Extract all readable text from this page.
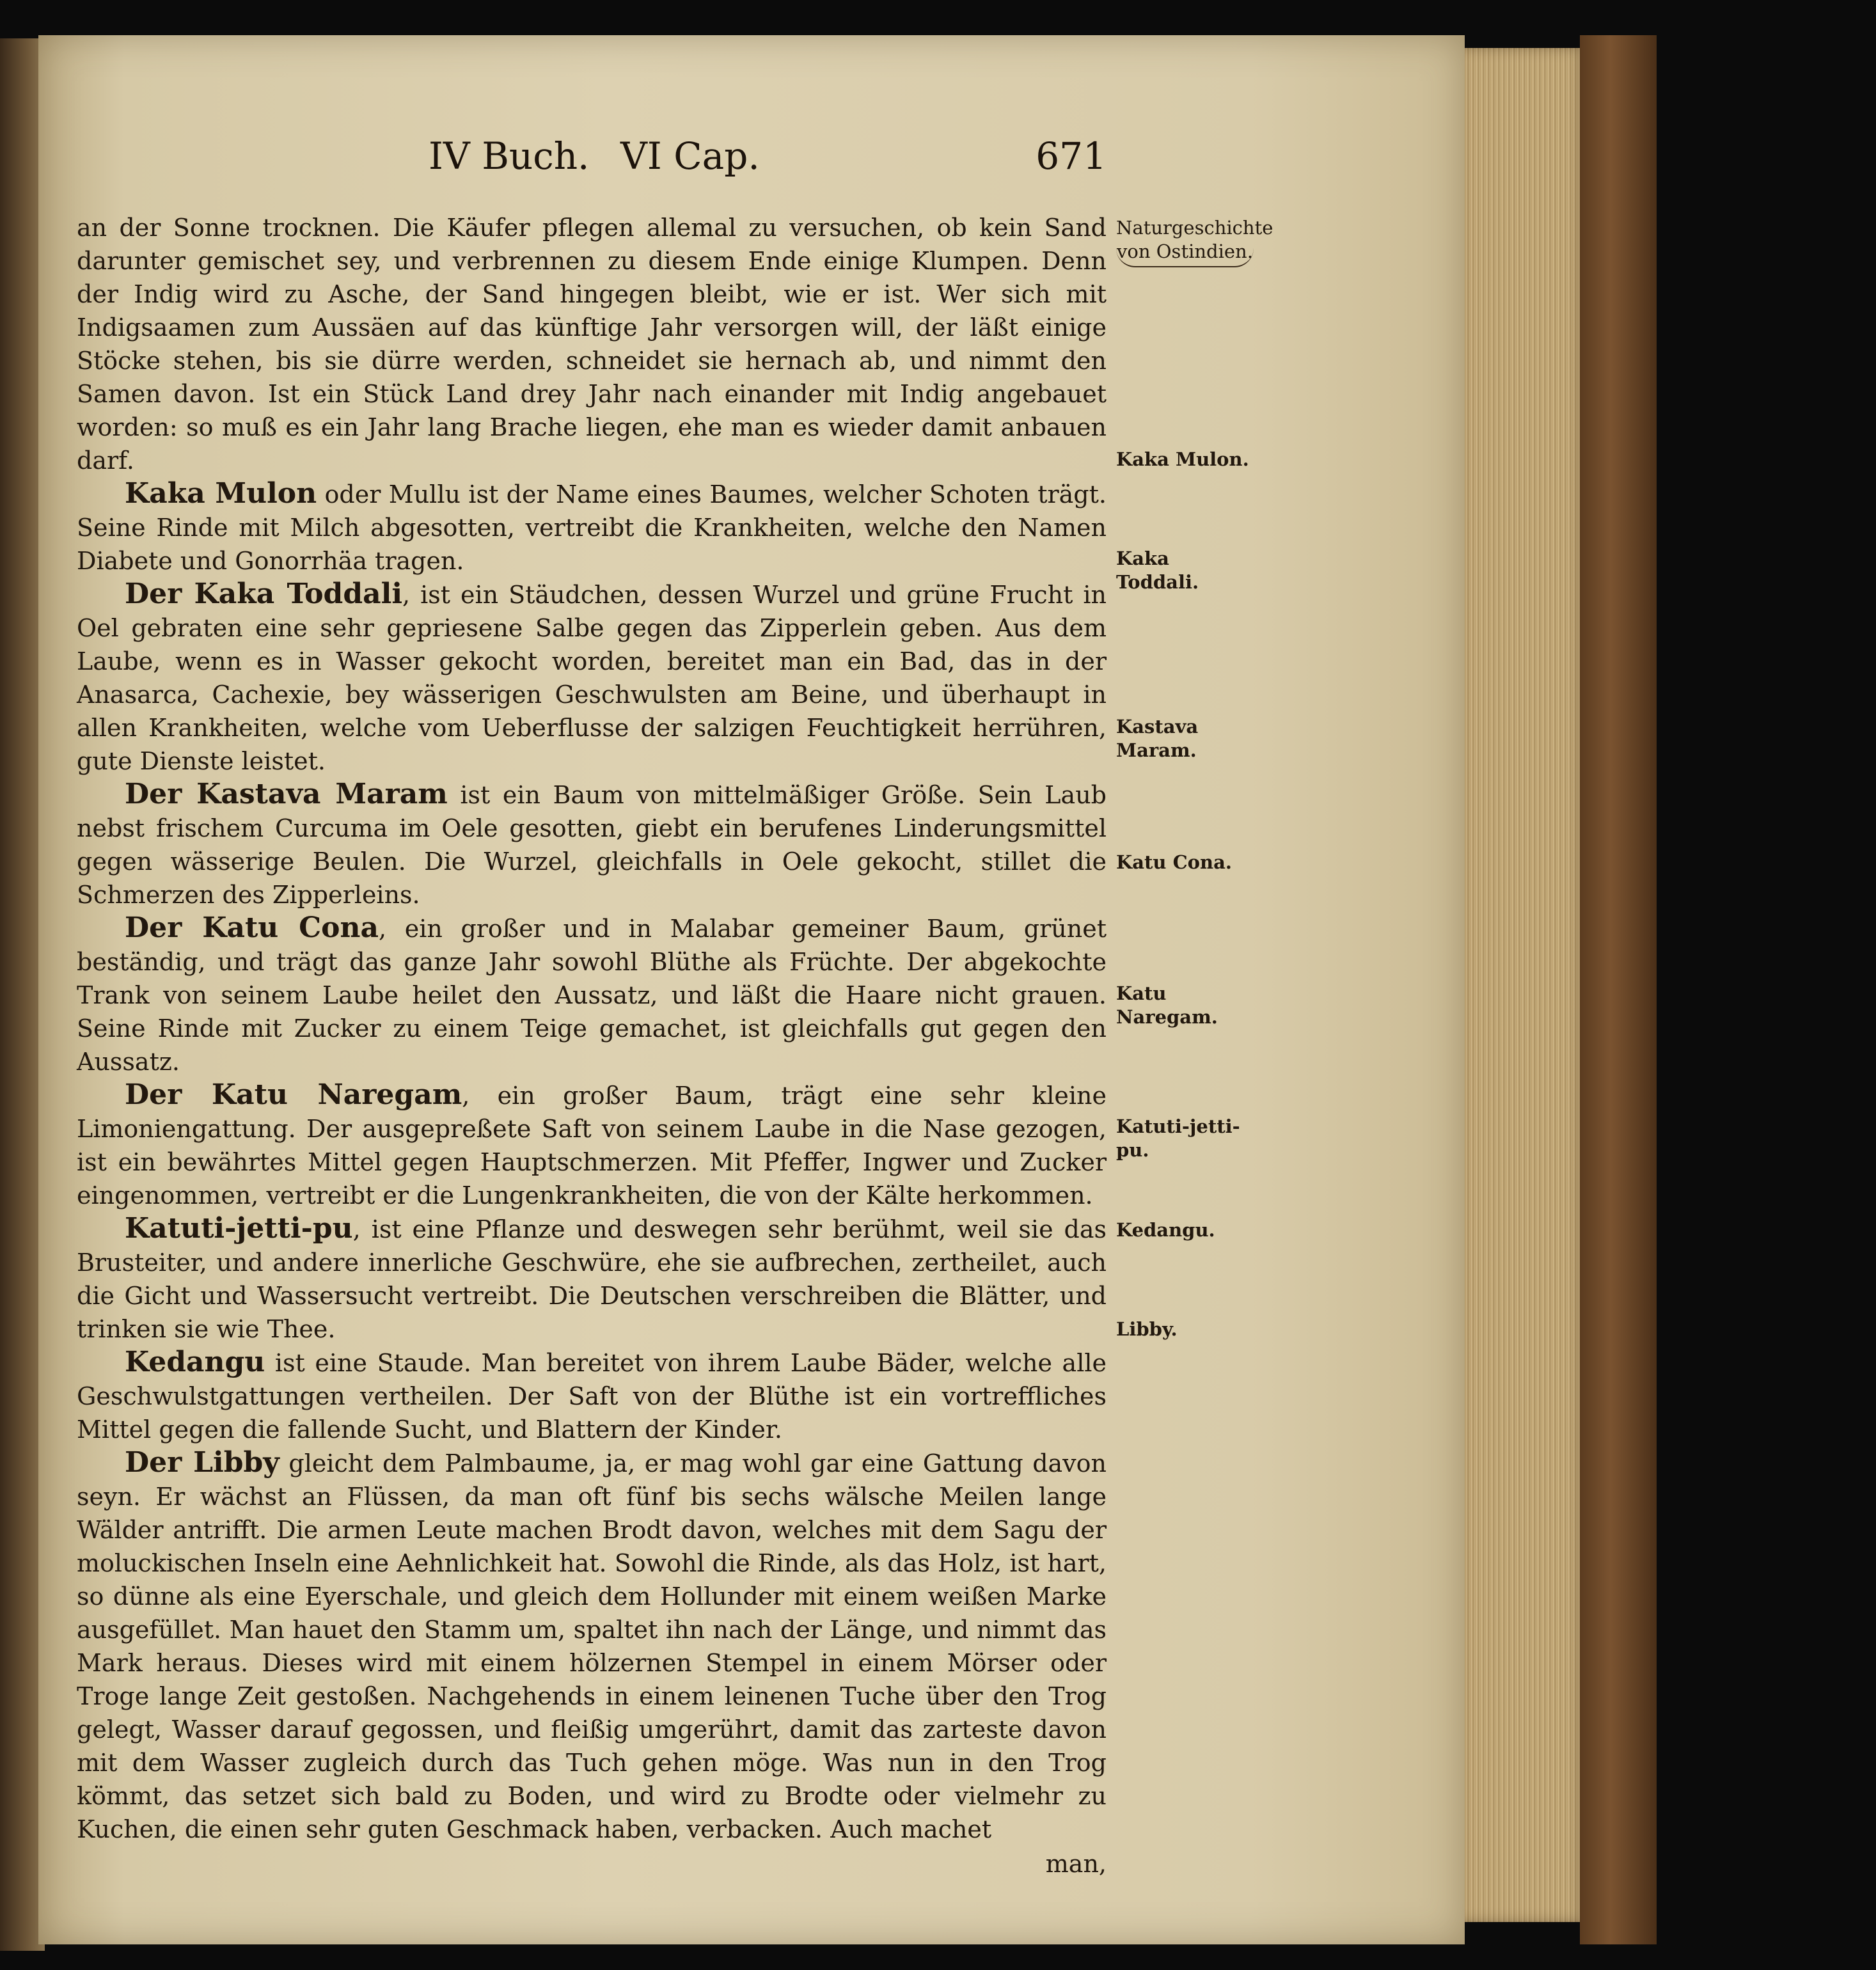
IV Buch. VI Cap.	671

an der Sonne trocknen. Die Käufer pflegen allemal zu versuchen, ob kein Sand darunter gemischet sey, und verbrennen zu diesem Ende einige Klumpen. Denn der Indig wird zu Asche, der Sand hingegen bleibt, wie er ist. Wer sich mit Indigsaamen zum Aussäen auf das künftige Jahr versorgen will, der läßt einige Stöcke stehen, bis sie dürre werden, schneidet sie hernach ab, und nimmt den Samen davon. Ist ein Stück Land drey Jahr nach einander mit Indig angebauet worden: so muß es ein Jahr lang Brache liegen, ehe man es wieder damit anbauen darf.

Kaka Mulon oder Mullu ist der Name eines Baumes, welcher Schoten trägt. Seine Rinde mit Milch abgesotten, vertreibt die Krankheiten, welche den Namen Diabete und Gonorrhäa tragen.

Der Kaka Toddali, ist ein Stäudchen, dessen Wurzel und grüne Frucht in Oel gebraten eine sehr gepriesene Salbe gegen das Zipperlein geben. Aus dem Laube, wenn es in Wasser gekocht worden, bereitet man ein Bad, das in der Anasarca, Cachexie, bey wässerigen Geschwulsten am Beine, und überhaupt in allen Krankheiten, welche vom Ueberflusse der salzigen Feuchtigkeit herrühren, gute Dienste leistet.

Der Kastava Maram ist ein Baum von mittelmäßiger Größe. Sein Laub nebst frischem Curcuma im Oele gesotten, giebt ein berufenes Linderungsmittel gegen wässerige Beulen. Die Wurzel, gleichfalls in Oele gekocht, stillet die Schmerzen des Zipperleins.

Der Katu Cona, ein großer und in Malabar gemeiner Baum, grünet beständig, und trägt das ganze Jahr sowohl Blüthe als Früchte. Der abgekochte Trank von seinem Laube heilet den Aussatz, und läßt die Haare nicht grauen. Seine Rinde mit Zucker zu einem Teige gemachet, ist gleichfalls gut gegen den Aussatz.

Der Katu Naregam, ein großer Baum, trägt eine sehr kleine Limoniengattung. Der ausgepreßete Saft von seinem Laube in die Nase gezogen, ist ein bewährtes Mittel gegen Hauptschmerzen. Mit Pfeffer, Ingwer und Zucker eingenommen, vertreibt er die Lungenkrankheiten, die von der Kälte herkommen.

Katuti-jetti-pu, ist eine Pflanze und deswegen sehr berühmt, weil sie das Brusteiter, und andere innerliche Geschwüre, ehe sie aufbrechen, zertheilet, auch die Gicht und Wassersucht vertreibt. Die Deutschen verschreiben die Blätter, und trinken sie wie Thee.

Kedangu ist eine Staude. Man bereitet von ihrem Laube Bäder, welche alle Geschwulstgattungen vertheilen. Der Saft von der Blüthe ist ein vortreffliches Mittel gegen die fallende Sucht, und Blattern der Kinder.

Der Libby gleicht dem Palmbaume, ja, er mag wohl gar eine Gattung davon seyn. Er wächst an Flüssen, da man oft fünf bis sechs wälsche Meilen lange Wälder antrifft. Die armen Leute machen Brodt davon, welches mit dem Sagu der moluckischen Inseln eine Aehnlichkeit hat. Sowohl die Rinde, als das Holz, ist hart, so dünne als eine Eyerschale, und gleich dem Hollunder mit einem weißen Marke ausgefüllet. Man hauet den Stamm um, spaltet ihn nach der Länge, und nimmt das Mark heraus. Dieses wird mit einem hölzernen Stempel in einem Mörser oder Troge lange Zeit gestoßen. Nachgehends in einem leinenen Tuche über den Trog gelegt, Wasser darauf gegossen, und fleißig umgerührt, damit das zarteste davon mit dem Wasser zugleich durch das Tuch gehen möge. Was nun in den Trog kömmt, das setzet sich bald zu Boden, und wird zu Brodte oder vielmehr zu Kuchen, die einen sehr guten Geschmack haben, verbacken. Auch machet

man,

Naturgeschichte von Ostindien.
Kaka Mulon.
Kaka Toddali.
Kastava Maram.
Katu Cona.
Katu Naregam.
Katuti-jetti-pu.
Kedangu.
Libby.
